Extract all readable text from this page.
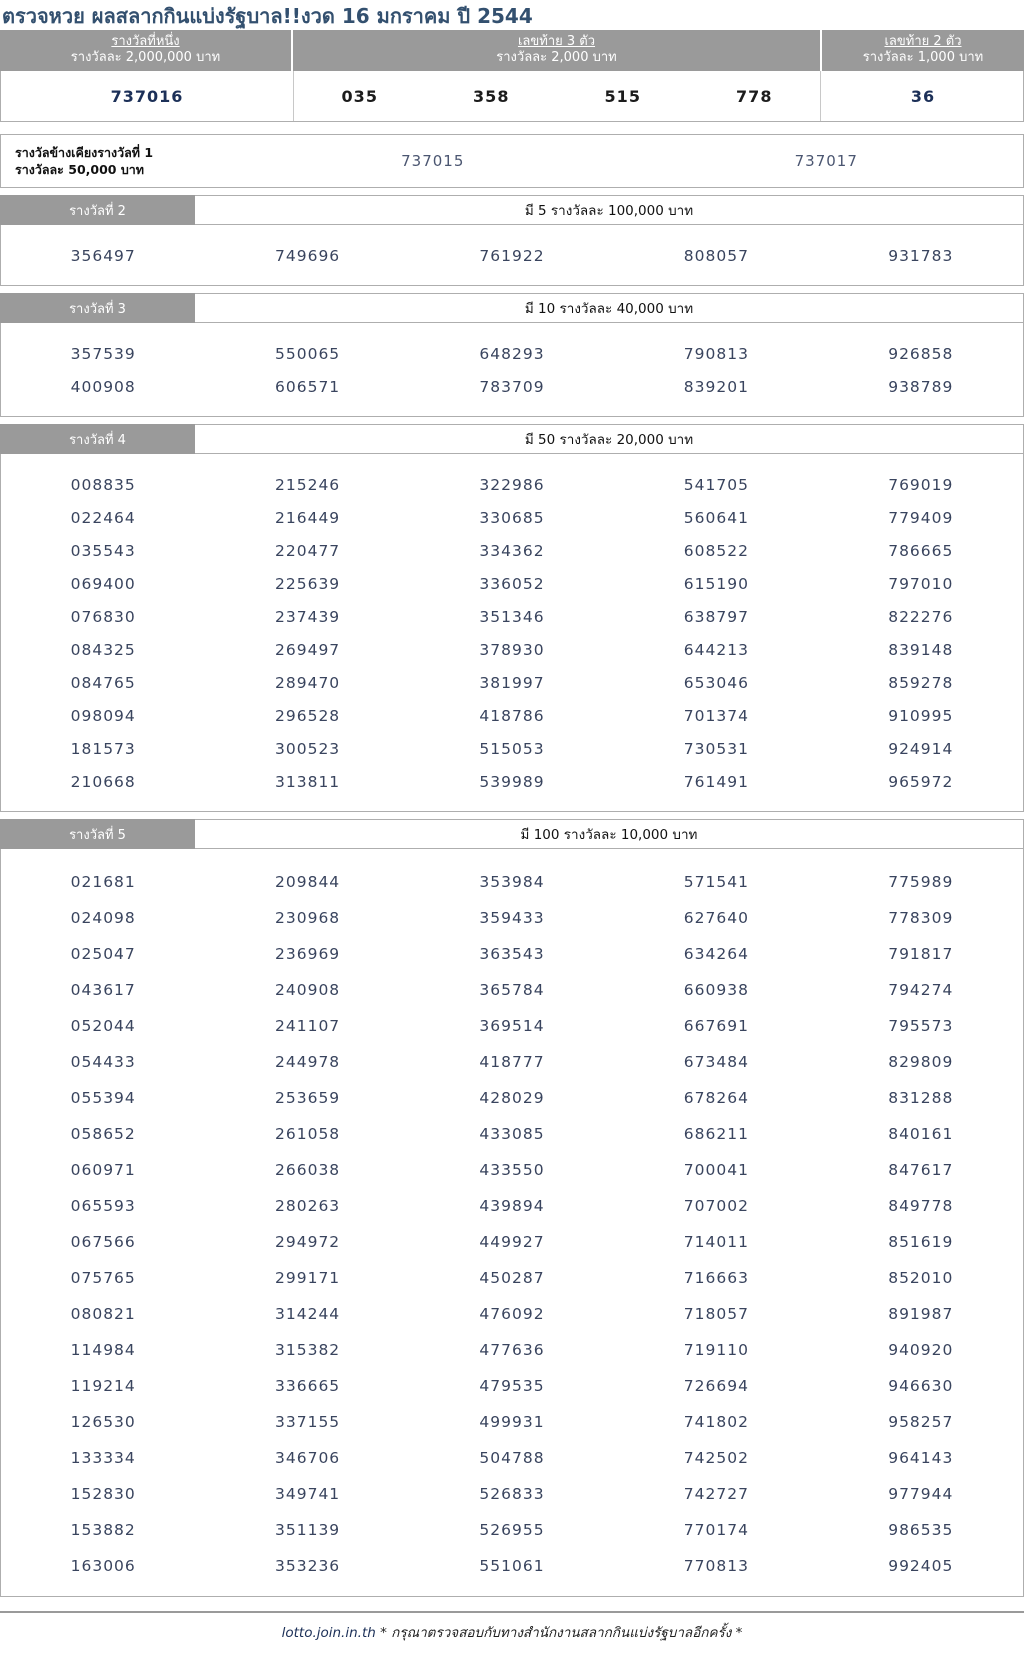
ตรวจหวย ผลสลากกินแบ่งรัฐบาล!!งวด 16 มกราคม ปี 2544
รางวัลที่หนึ่ง
รางวัลละ 2,000,000 บาท
เลขท้าย 3 ตัว
รางวัลละ 2,000 บาท
เลขท้าย 2 ตัว
รางวัลละ 1,000 บาท
737016	035	358	515	778	36
รางวัลข้างเคียงรางวัลที่ 1
รางวัลละ 50,000 บาท	737015	737017
รางวัลที่ 2	มี 5 รางวัลละ 100,000 บาท
356497	749696	761922	808057	931783
รางวัลที่ 3	มี 10 รางวัลละ 40,000 บาท
357539	550065	648293	790813	926858
400908	606571	783709	839201	938789
รางวัลที่ 4	มี 50 รางวัลละ 20,000 บาท
008835	215246	322986	541705	769019
022464	216449	330685	560641	779409
035543	220477	334362	608522	786665
069400	225639	336052	615190	797010
076830	237439	351346	638797	822276
084325	269497	378930	644213	839148
084765	289470	381997	653046	859278
098094	296528	418786	701374	910995
181573	300523	515053	730531	924914
210668	313811	539989	761491	965972
รางวัลที่ 5	มี 100 รางวัลละ 10,000 บาท
021681	209844	353984	571541	775989
024098	230968	359433	627640	778309
025047	236969	363543	634264	791817
043617	240908	365784	660938	794274
052044	241107	369514	667691	795573
054433	244978	418777	673484	829809
055394	253659	428029	678264	831288
058652	261058	433085	686211	840161
060971	266038	433550	700041	847617
065593	280263	439894	707002	849778
067566	294972	449927	714011	851619
075765	299171	450287	716663	852010
080821	314244	476092	718057	891987
114984	315382	477636	719110	940920
119214	336665	479535	726694	946630
126530	337155	499931	741802	958257
133334	346706	504788	742502	964143
152830	349741	526833	742727	977944
153882	351139	526955	770174	986535
163006	353236	551061	770813	992405
lotto.join.in.th * กรุณาตรวจสอบกับทางสำนักงานสลากกินแบ่งรัฐบาลอีกครั้ง *
